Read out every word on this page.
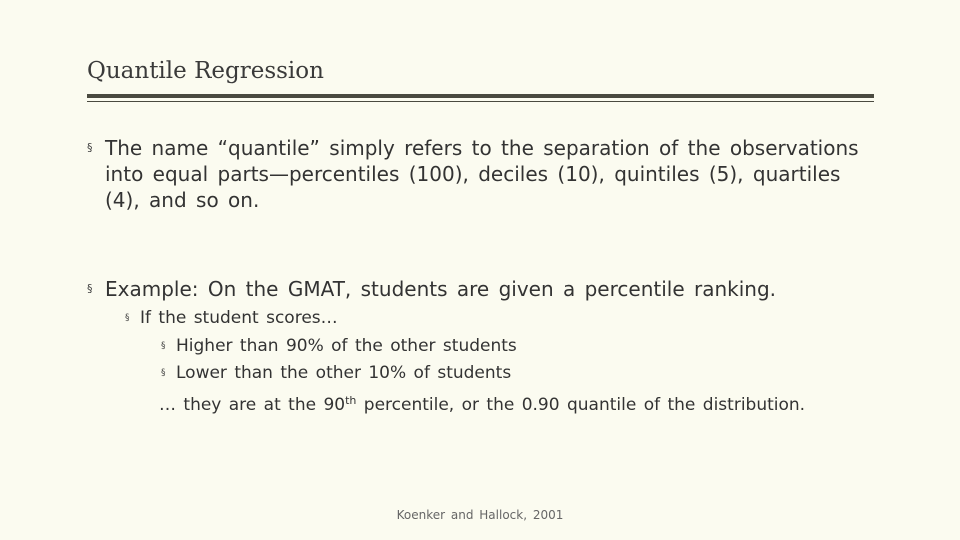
Quantile Regression
§ The name “quantile” simply refers to the separation of the observations into equal parts—percentiles (100), deciles (10), quintiles (5), quartiles (4), and so on.
§ Example: On the GMAT, students are given a percentile ranking.
§ If the student scores…
§ Higher than 90% of the other students
§ Lower than the other 10% of students
… they are at the 90th percentile, or the 0.90 quantile of the distribution.
Koenker and Hallock, 2001
